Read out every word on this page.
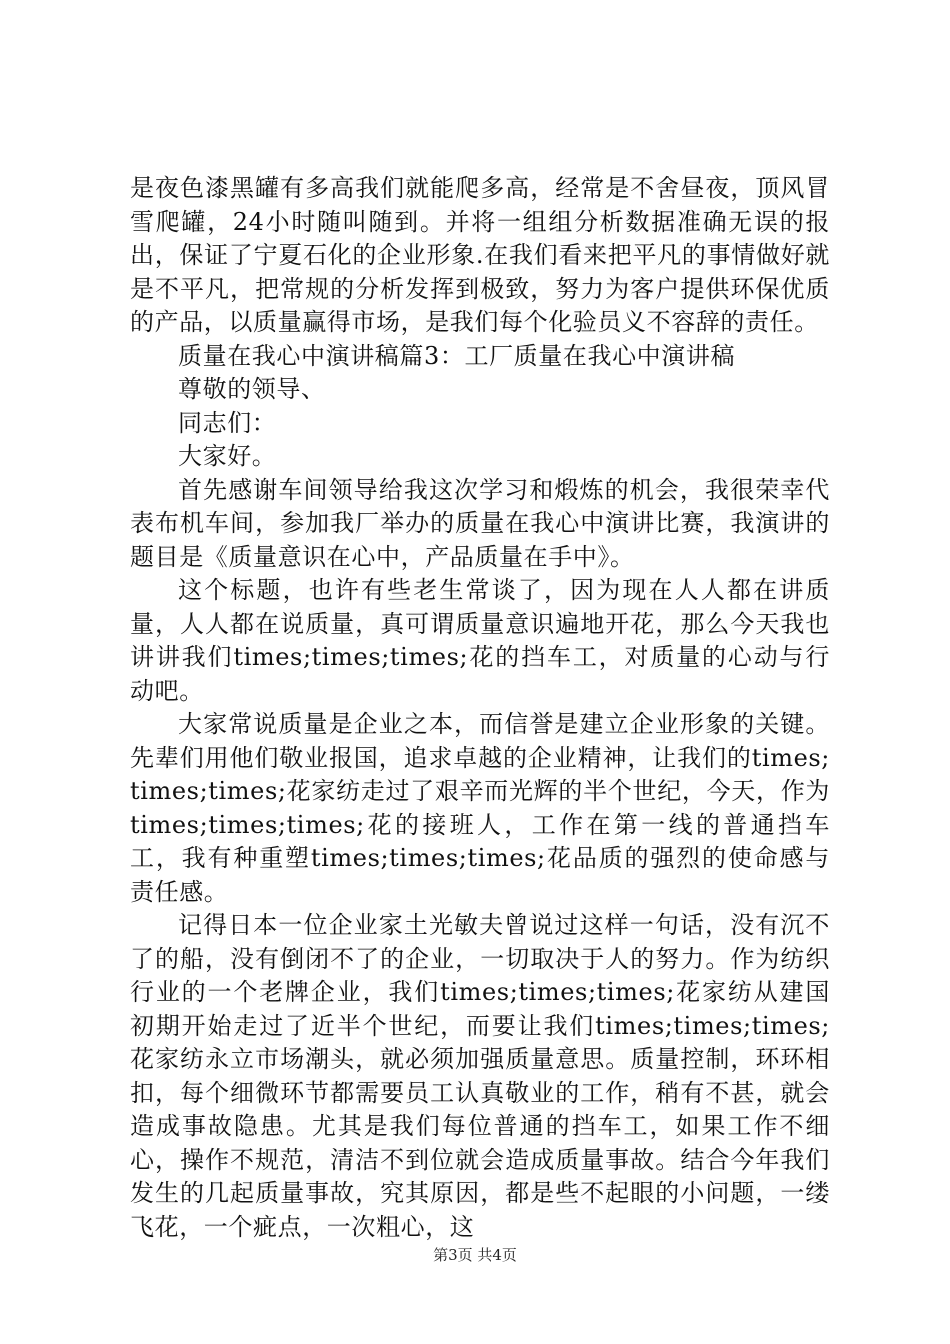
是夜色漆黑罐有多高我们就能爬多高，经常是不舍昼夜，顶风冒雪爬罐，24小时随叫随到。并将一组组分析数据准确无误的报出，保证了宁夏石化的企业形象.在我们看来把平凡的事情做好就是不平凡，把常规的分析发挥到极致，努力为客户提供环保优质的产品，以质量赢得市场，是我们每个化验员义不容辞的责任。

质量在我心中演讲稿篇3：工厂质量在我心中演讲稿

尊敬的领导、

同志们：

大家好。

首先感谢车间领导给我这次学习和煅炼的机会，我很荣幸代表布机车间，参加我厂举办的质量在我心中演讲比赛，我演讲的题目是《质量意识在心中，产品质量在手中》。

这个标题，也许有些老生常谈了，因为现在人人都在讲质量，人人都在说质量，真可谓质量意识遍地开花，那么今天我也讲讲我们times;times;times;花的挡车工，对质量的心动与行动吧。

大家常说质量是企业之本，而信誉是建立企业形象的关键。先辈们用他们敬业报国，追求卓越的企业精神，让我们的times;times;times;花家纺走过了艰辛而光辉的半个世纪，今天，作为times;times;times;花的接班人，工作在第一线的普通挡车工，我有种重塑times;times;times;花品质的强烈的使命感与责任感。

记得日本一位企业家土光敏夫曾说过这样一句话，没有沉不了的船，没有倒闭不了的企业，一切取决于人的努力。作为纺织行业的一个老牌企业，我们times;times;times;花家纺从建国初期开始走过了近半个世纪，而要让我们times;times;times;花家纺永立市场潮头，就必须加强质量意思。质量控制，环环相扣，每个细微环节都需要员工认真敬业的工作，稍有不甚，就会造成事故隐患。尤其是我们每位普通的挡车工，如果工作不细心，操作不规范，清洁不到位就会造成质量事故。结合今年我们发生的几起质量事故，究其原因，都是些不起眼的小问题，一缕飞花，一个疵点，一次粗心，这

第3页 共4页
